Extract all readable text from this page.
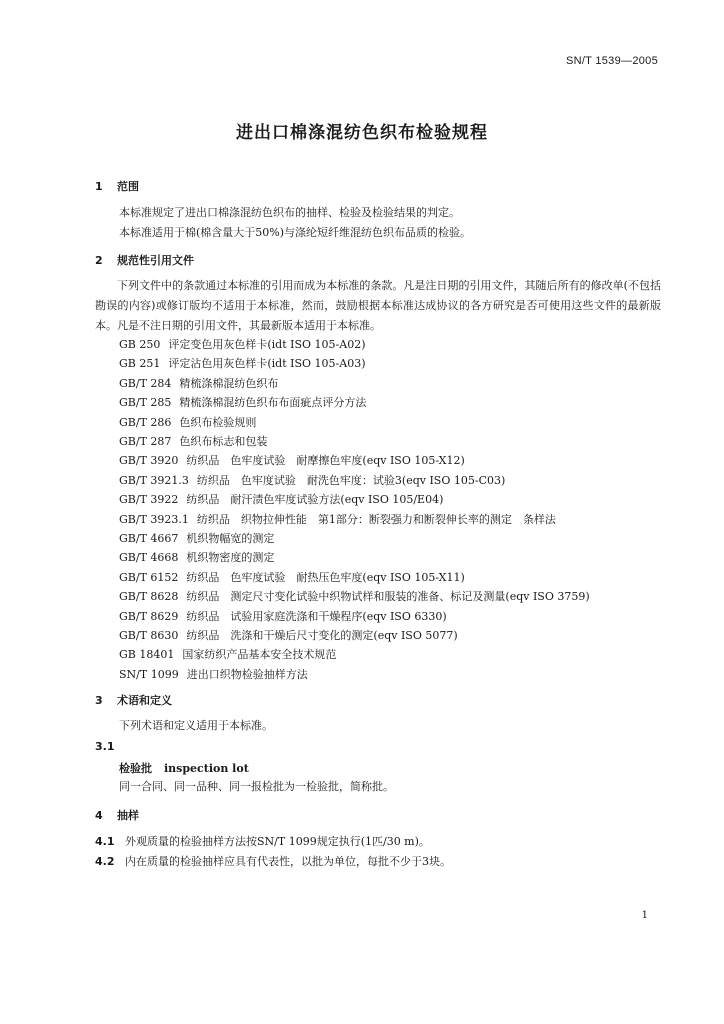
SN/T 1539—2005
进出口棉涤混纺色织布检验规程
1 范围
本标准规定了进出口棉涤混纺色织布的抽样、检验及检验结果的判定。
本标准适用于棉(棉含量大于50%)与涤纶短纤维混纺色织布品质的检验。
2 规范性引用文件
下列文件中的条款通过本标准的引用而成为本标准的条款。凡是注日期的引用文件，其随后所有的修改单(不包括勘误的内容)或修订版均不适用于本标准，然而，鼓励根据本标准达成协议的各方研究是否可使用这些文件的最新版本。凡是不注日期的引用文件，其最新版本适用于本标准。
GB 250 评定变色用灰色样卡(idt ISO 105-A02)
GB 251 评定沾色用灰色样卡(idt ISO 105-A03)
GB/T 284 精梳涤棉混纺色织布
GB/T 285 精梳涤棉混纺色织布布面疵点评分方法
GB/T 286 色织布检验规则
GB/T 287 色织布标志和包装
GB/T 3920 纺织品　色牢度试验　耐摩擦色牢度(eqv ISO 105-X12)
GB/T 3921.3 纺织品　色牢度试验　耐洗色牢度：试验3(eqv ISO 105-C03)
GB/T 3922 纺织品　耐汗渍色牢度试验方法(eqv ISO 105/E04)
GB/T 3923.1 纺织品　织物拉伸性能　第1部分：断裂强力和断裂伸长率的测定　条样法
GB/T 4667 机织物幅宽的测定
GB/T 4668 机织物密度的测定
GB/T 6152 纺织品　色牢度试验　耐热压色牢度(eqv ISO 105-X11)
GB/T 8628 纺织品　测定尺寸变化试验中织物试样和服装的准备、标记及测量(eqv ISO 3759)
GB/T 8629 纺织品　试验用家庭洗涤和干燥程序(eqv ISO 6330)
GB/T 8630 纺织品　洗涤和干燥后尺寸变化的测定(eqv ISO 5077)
GB 18401 国家纺织产品基本安全技术规范
SN/T 1099 进出口织物检验抽样方法
3 术语和定义
下列术语和定义适用于本标准。
3.1
检验批 inspection lot
同一合同、同一品种、同一报检批为一检验批，简称批。
4 抽样
4.1 外观质量的检验抽样方法按SN/T 1099规定执行(1匹/30 m)。
4.2 内在质量的检验抽样应具有代表性，以批为单位，每批不少于3块。
1
